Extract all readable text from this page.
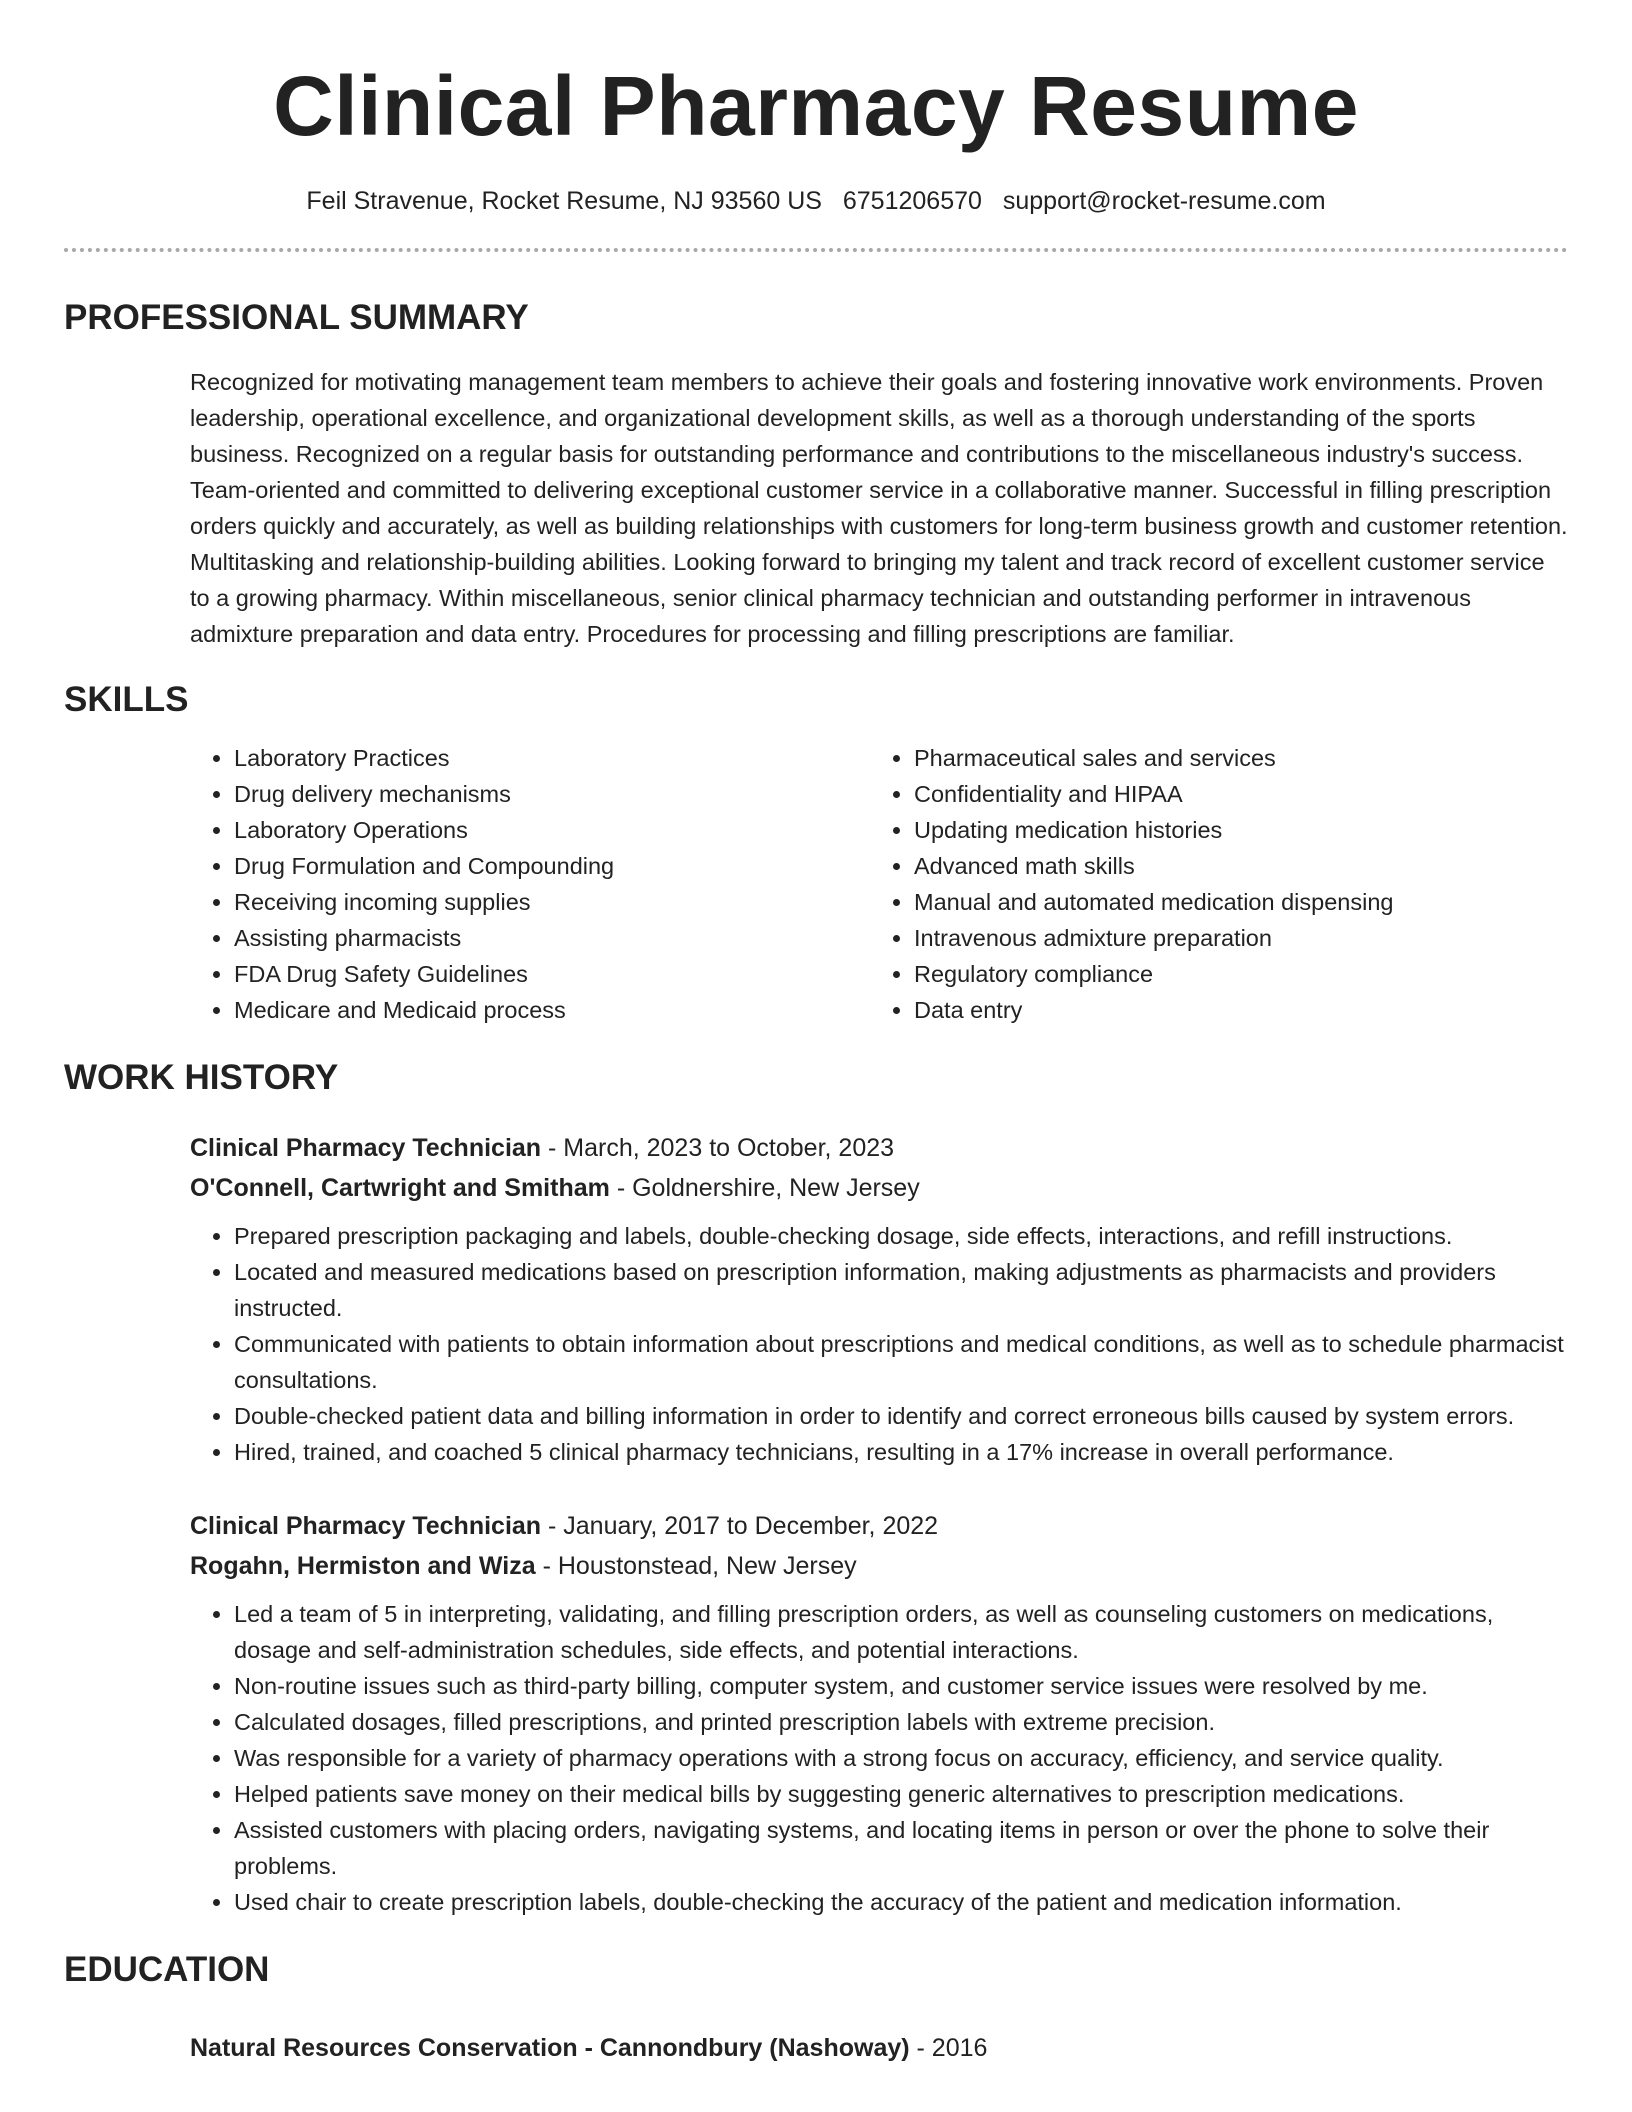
Clinical Pharmacy Resume
Feil Stravenue, Rocket Resume, NJ 93560 US 6751206570 support@rocket-resume.com
PROFESSIONAL SUMMARY
Recognized for motivating management team members to achieve their goals and fostering innovative work environments. Proven leadership, operational excellence, and organizational development skills, as well as a thorough understanding of the sports business. Recognized on a regular basis for outstanding performance and contributions to the miscellaneous industry's success. Team-oriented and committed to delivering exceptional customer service in a collaborative manner. Successful in filling prescription orders quickly and accurately, as well as building relationships with customers for long-term business growth and customer retention. Multitasking and relationship-building abilities. Looking forward to bringing my talent and track record of excellent customer service to a growing pharmacy. Within miscellaneous, senior clinical pharmacy technician and outstanding performer in intravenous admixture preparation and data entry. Procedures for processing and filling prescriptions are familiar.
SKILLS
• Laboratory Practices
• Drug delivery mechanisms
• Laboratory Operations
• Drug Formulation and Compounding
• Receiving incoming supplies
• Assisting pharmacists
• FDA Drug Safety Guidelines
• Medicare and Medicaid process
• Pharmaceutical sales and services
• Confidentiality and HIPAA
• Updating medication histories
• Advanced math skills
• Manual and automated medication dispensing
• Intravenous admixture preparation
• Regulatory compliance
• Data entry
WORK HISTORY
Clinical Pharmacy Technician - March, 2023 to October, 2023
O'Connell, Cartwright and Smitham - Goldnershire, New Jersey
• Prepared prescription packaging and labels, double-checking dosage, side effects, interactions, and refill instructions.
• Located and measured medications based on prescription information, making adjustments as pharmacists and providers instructed.
• Communicated with patients to obtain information about prescriptions and medical conditions, as well as to schedule pharmacist consultations.
• Double-checked patient data and billing information in order to identify and correct erroneous bills caused by system errors.
• Hired, trained, and coached 5 clinical pharmacy technicians, resulting in a 17% increase in overall performance.
Clinical Pharmacy Technician - January, 2017 to December, 2022
Rogahn, Hermiston and Wiza - Houstonstead, New Jersey
• Led a team of 5 in interpreting, validating, and filling prescription orders, as well as counseling customers on medications, dosage and self-administration schedules, side effects, and potential interactions.
• Non-routine issues such as third-party billing, computer system, and customer service issues were resolved by me.
• Calculated dosages, filled prescriptions, and printed prescription labels with extreme precision.
• Was responsible for a variety of pharmacy operations with a strong focus on accuracy, efficiency, and service quality.
• Helped patients save money on their medical bills by suggesting generic alternatives to prescription medications.
• Assisted customers with placing orders, navigating systems, and locating items in person or over the phone to solve their problems.
• Used chair to create prescription labels, double-checking the accuracy of the patient and medication information.
EDUCATION
Natural Resources Conservation - Cannondbury (Nashoway) - 2016
